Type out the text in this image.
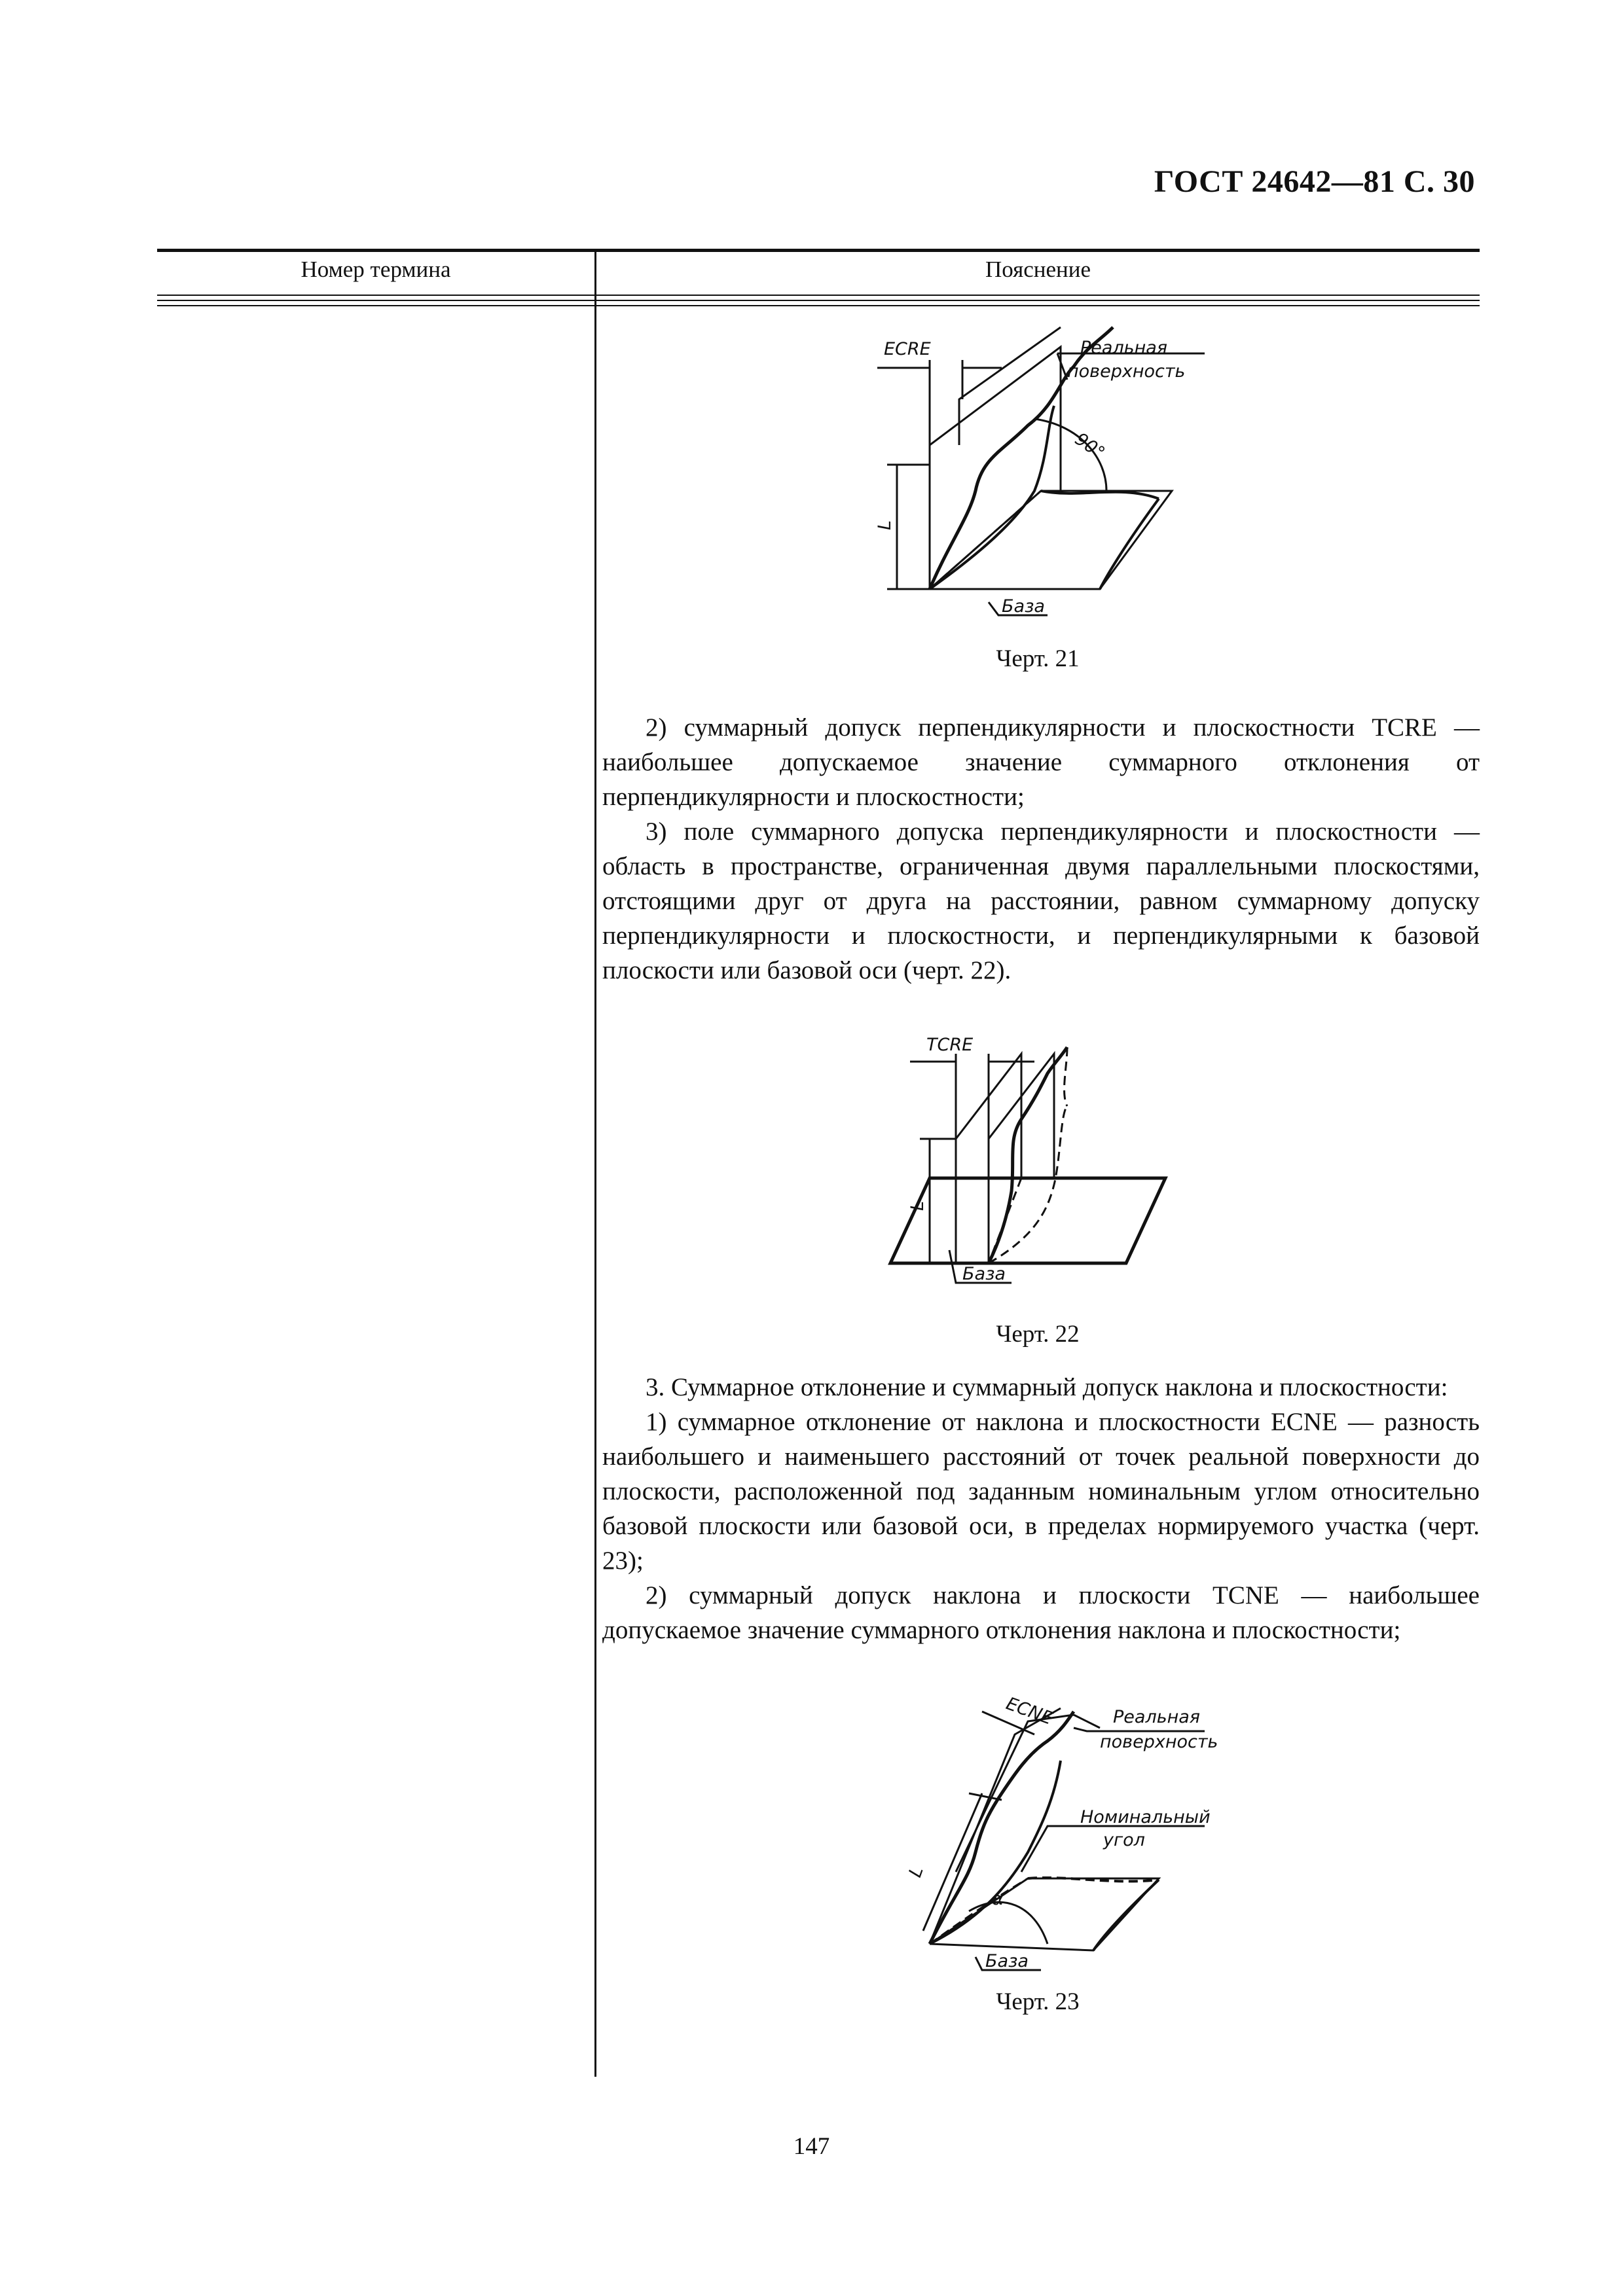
ГОСТ 24642—81 С. 30
Номер термина	Пояснение
ECRE	Реальная
поверхность
90°
L
База
Черт. 21

2) суммарный допуск перпендикулярности и плоскостности TCRE — наибольшее допускаемое значение суммарного отклонения от перпендикулярности и плоскостности;

3) поле суммарного допуска перпендикулярности и плоскостности — область в пространстве, ограниченная двумя параллельными плоскостями, отстоящими друг от друга на расстоянии, равном суммарному допуску перпендикулярности и плоскостности, и перпендикулярными к базовой плоскости или базовой оси (черт. 22).

TCRE
L
База
Черт. 22

3. Суммарное отклонение и суммарный допуск наклона и плоскостности:

1) суммарное отклонение от наклона и плоскостности ECNE — разность наибольшего и наименьшего расстояний от точек реальной поверхности до плоскости, расположенной под заданным номинальным углом относительно базовой плоскости или базовой оси, в пределах нормируемого участка (черт. 23);

2) суммарный допуск наклона и плоскости TCNE — наибольшее допускаемое значение суммарного отклонения наклона и плоскостности;

ECNE	Реальная
поверхность
Номинальный
угол
α
L
База
Черт. 23
147
